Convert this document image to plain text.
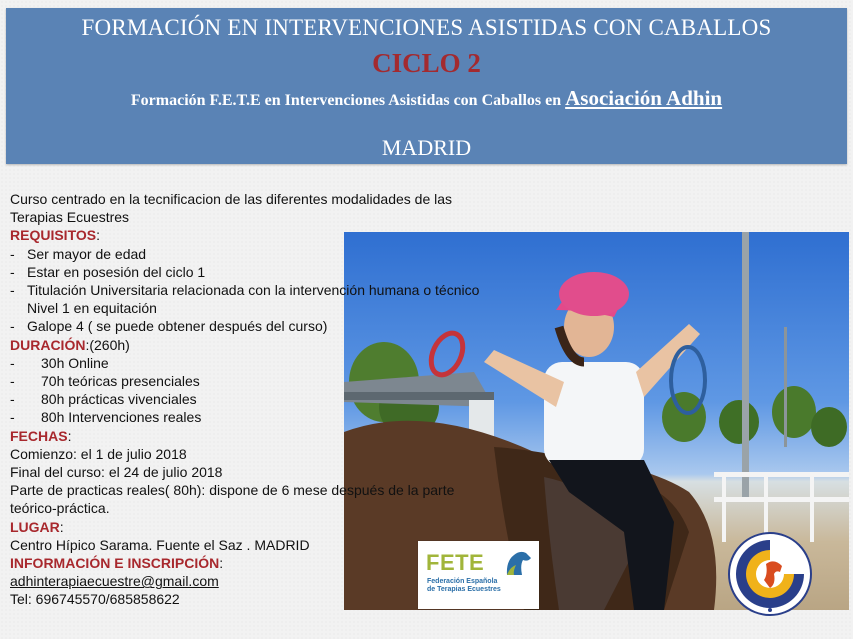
FORMACIÓN EN INTERVENCIONES ASISTIDAS CON CABALLOS
CICLO 2
Formación F.E.T.E en Intervenciones Asistidas con Caballos en Asociación Adhin
MADRID
Curso centrado en la tecnificacion de las diferentes modalidades de las
Terapias Ecuestres
REQUISITOS:
- Ser mayor de edad
- Estar en posesión del ciclo 1
- Titulación Universitaria relacionada con la intervención humana o técnico
Nivel 1 en equitación
- Galope 4 ( se puede obtener después del curso)
DURACIÓN:(260h)
- 30h Online
- 70h teóricas presenciales
- 80h prácticas vivenciales
- 80h Intervenciones reales
FECHAS:
Comienzo: el 1 de julio 2018
Final del curso: el 24 de julio 2018
Parte de practicas reales( 80h): dispone de 6 mese después de la parte
teórico-práctica.
LUGAR:
Centro Hípico Sarama. Fuente el Saz . MADRID
INFORMACIÓN E INSCRIPCIÓN:
adhinterapiaecuestre@gmail.com
Tel: 696745570/685858622
FETE
Federación Española
de Terapias Ecuestres
